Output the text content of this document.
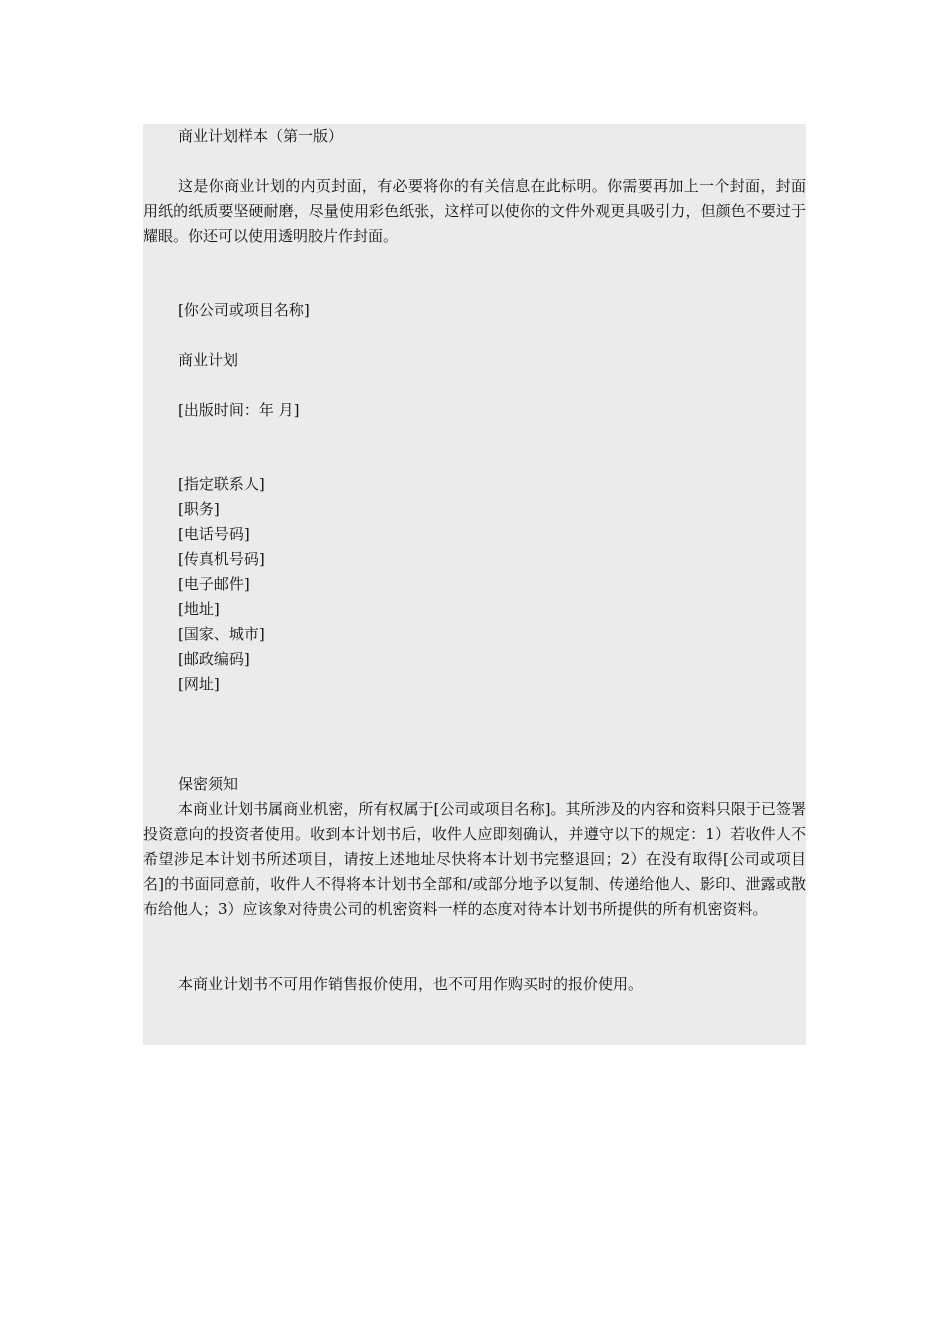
商业计划样本（第一版）
这是你商业计划的内页封面，有必要将你的有关信息在此标明。你需要再加上一个封面，封面用纸的纸质要坚硬耐磨，尽量使用彩色纸张，这样可以使你的文件外观更具吸引力，但颜色不要过于耀眼。你还可以使用透明胶片作封面。
[你公司或项目名称]
商业计划
[出版时间：年 月]
[指定联系人]
[职务]
[电话号码]
[传真机号码]
[电子邮件]
[地址]
[国家、城市]
[邮政编码]
[网址]
保密须知
本商业计划书属商业机密，所有权属于[公司或项目名称]。其所涉及的内容和资料只限于已签署投资意向的投资者使用。收到本计划书后，收件人应即刻确认，并遵守以下的规定：1）若收件人不希望涉足本计划书所述项目，请按上述地址尽快将本计划书完整退回；2）在没有取得[公司或项目名]的书面同意前，收件人不得将本计划书全部和/或部分地予以复制、传递给他人、影印、泄露或散布给他人；3）应该象对待贵公司的机密资料一样的态度对待本计划书所提供的所有机密资料。
本商业计划书不可用作销售报价使用，也不可用作购买时的报价使用。
